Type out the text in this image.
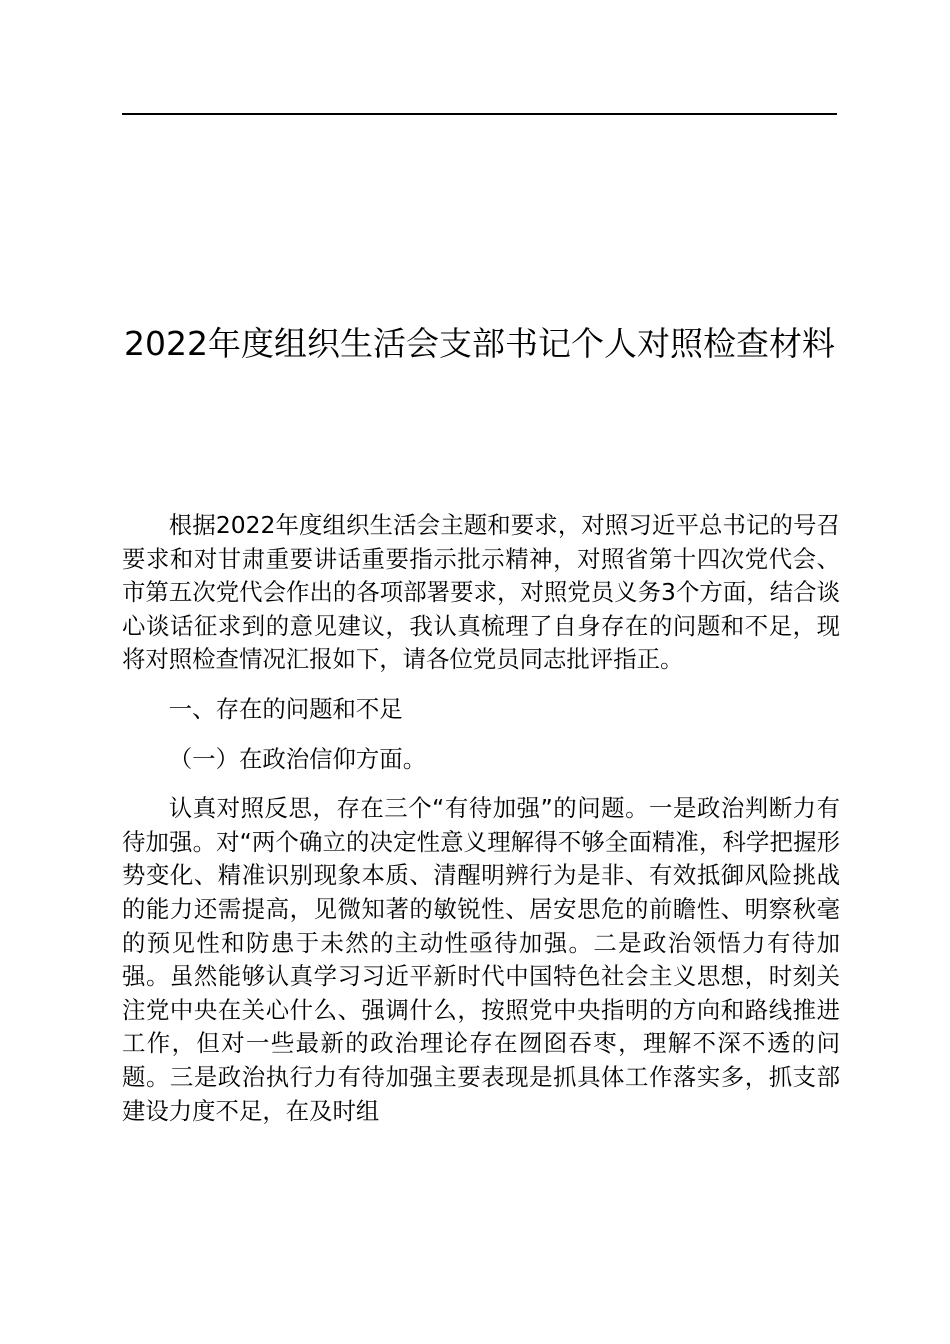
2022年度组织生活会支部书记个人对照检查材料

根据2022年度组织生活会主题和要求，对照习近平总书记的号召要求和对甘肃重要讲话重要指示批示精神，对照省第十四次党代会、市第五次党代会作出的各项部署要求，对照党员义务3个方面，结合谈心谈话征求到的意见建议，我认真梳理了自身存在的问题和不足，现将对照检查情况汇报如下，请各位党员同志批评指正。

一、存在的问题和不足

（一）在政治信仰方面。

认真对照反思，存在三个“有待加强”的问题。一是政治判断力有待加强。对“两个确立的决定性意义理解得不够全面精准，科学把握形势变化、精准识别现象本质、清醒明辨行为是非、有效抵御风险挑战的能力还需提高，见微知著的敏锐性、居安思危的前瞻性、明察秋毫的预见性和防患于未然的主动性亟待加强。二是政治领悟力有待加强。虽然能够认真学习习近平新时代中国特色社会主义思想，时刻关注党中央在关心什么、强调什么，按照党中央指明的方向和路线推进工作，但对一些最新的政治理论存在囫囵吞枣，理解不深不透的问题。三是政治执行力有待加强主要表现是抓具体工作落实多，抓支部建设力度不足，在及时组
